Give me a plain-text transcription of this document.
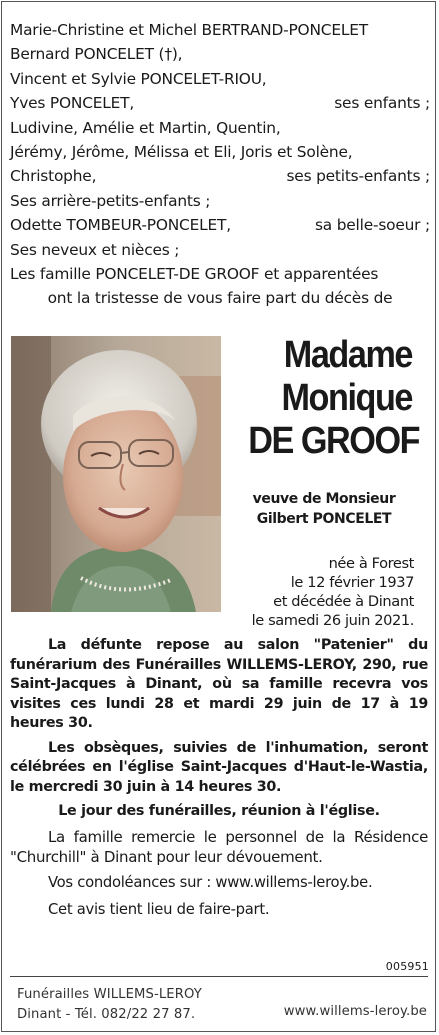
Marie-Christine et Michel BERTRAND-PONCELET
Bernard PONCELET (†),
Vincent et Sylvie PONCELET-RIOU,
Yves PONCELET,	ses enfants ;
Ludivine, Amélie et Martin, Quentin,
Jérémy, Jérôme, Mélissa et Eli, Joris et Solène,
Christophe,	ses petits-enfants ;
Ses arrière-petits-enfants ;
Odette TOMBEUR-PONCELET,	sa belle-soeur ;
Ses neveux et nièces ;
Les famille PONCELET-DE GROOF et apparentées
ont la tristesse de vous faire part du décès de
Madame
Monique
DE GROOF
veuve de Monsieur
Gilbert PONCELET
née à Forest
le 12 février 1937
et décédée à Dinant
le samedi 26 juin 2021.

La défunte repose au salon "Patenier" du funérarium des Funérailles WILLEMS-LEROY, 290, rue Saint-Jacques à Dinant, où sa famille recevra vos visites ces lundi 28 et mardi 29 juin de 17 à 19 heures 30.

Les obsèques, suivies de l'inhumation, seront célébrées en l'église Saint-Jacques d'Haut-le-Wastia, le mercredi 30 juin à 14 heures 30.

Le jour des funérailles, réunion à l'église.

La famille remercie le personnel de la Résidence "Churchill" à Dinant pour leur dévouement.

Vos condoléances sur : www.willems-leroy.be.

Cet avis tient lieu de faire-part.

005951
Funérailles WILLEMS-LEROY
Dinant - Tél. 082/22 27 87.	www.willems-leroy.be
